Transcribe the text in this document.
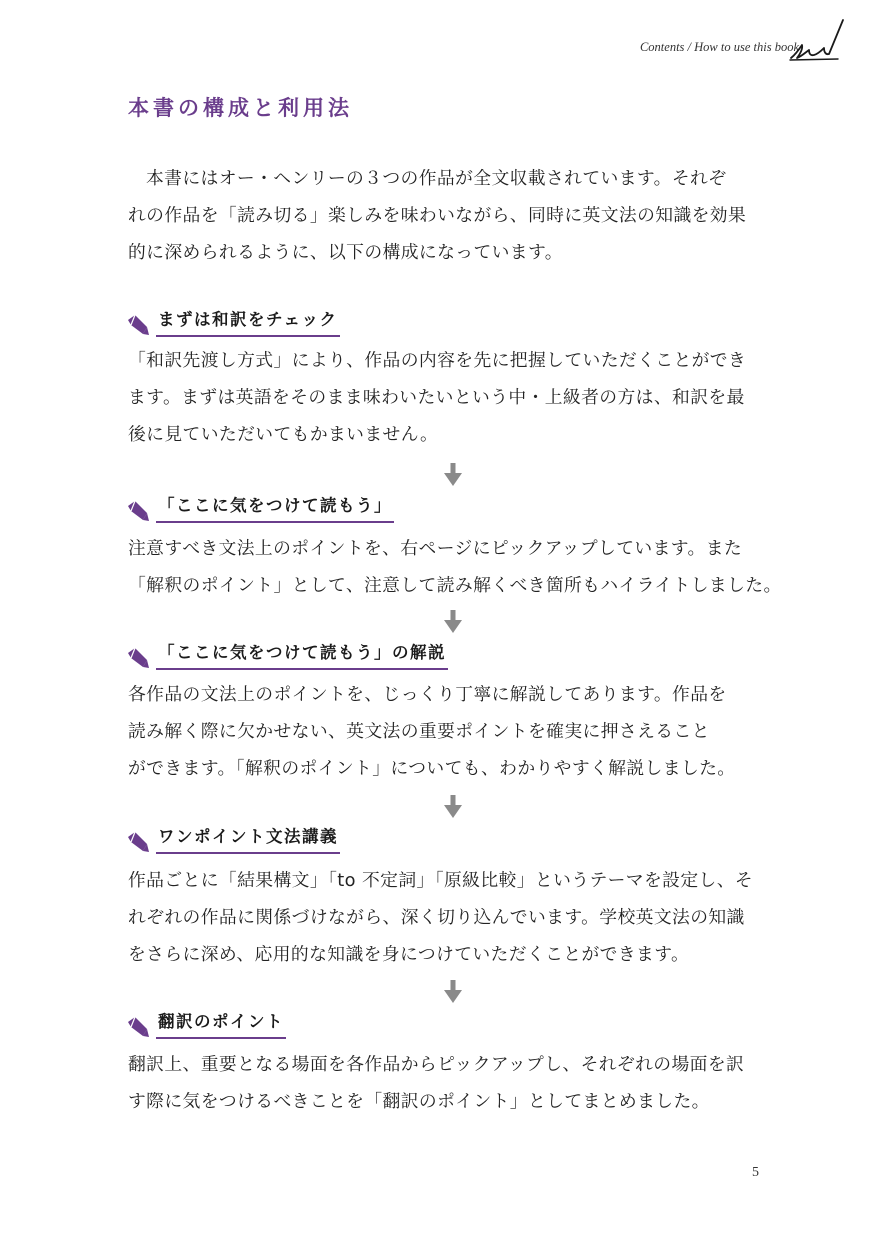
Contents / How to use this book
本書の構成と利用法

本書にはオー・ヘンリーの３つの作品が全文収載されています。それぞ
れの作品を「読み切る」楽しみを味わいながら、同時に英文法の知識を効果
的に深められるように、以下の構成になっています。

まずは和訳をチェック

「和訳先渡し方式」により、作品の内容を先に把握していただくことができ
ます。まずは英語をそのまま味わいたいという中・上級者の方は、和訳を最
後に見ていただいてもかまいません。

「ここに気をつけて読もう」

注意すべき文法上のポイントを、右ページにピックアップしています。また
「解釈のポイント」として、注意して読み解くべき箇所もハイライトしました。

「ここに気をつけて読もう」の解説

各作品の文法上のポイントを、じっくり丁寧に解説してあります。作品を
読み解く際に欠かせない、英文法の重要ポイントを確実に押さえること
ができます。「解釈のポイント」についても、わかりやすく解説しました。

ワンポイント文法講義

作品ごとに「結果構文」「to 不定詞」「原級比較」というテーマを設定し、そ
れぞれの作品に関係づけながら、深く切り込んでいます。学校英文法の知識
をさらに深め、応用的な知識を身につけていただくことができます。

翻訳のポイント

翻訳上、重要となる場面を各作品からピックアップし、それぞれの場面を訳
す際に気をつけるべきことを「翻訳のポイント」としてまとめました。

5
